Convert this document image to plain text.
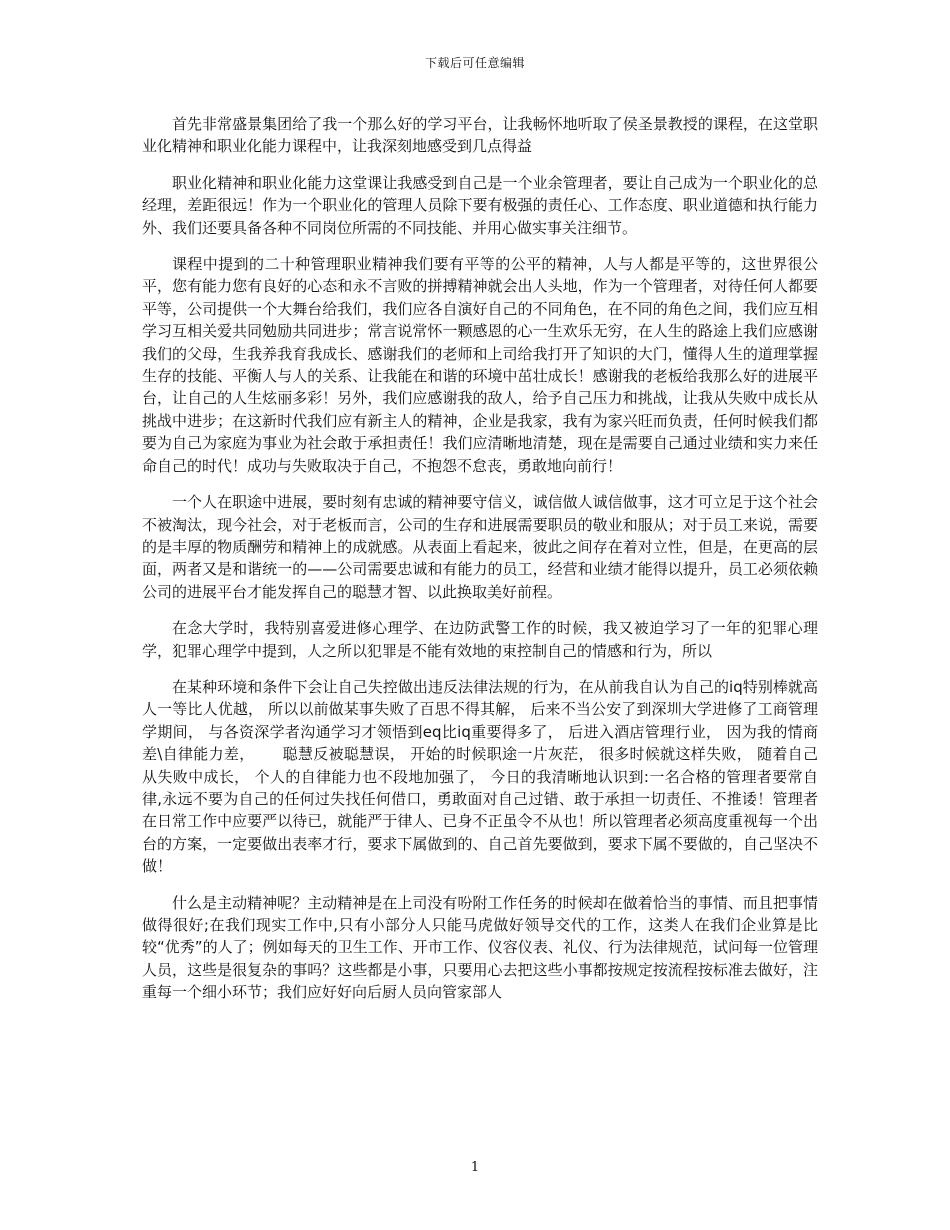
下载后可任意编辑

首先非常盛景集团给了我一个那么好的学习平台，让我畅怀地听取了侯圣景教授的课程，在这堂职业化精神和职业化能力课程中，让我深刻地感受到几点得益

职业化精神和职业化能力这堂课让我感受到自己是一个业余管理者，要让自己成为一个职业化的总经理，差距很远！作为一个职业化的管理人员除下要有极强的责任心、工作态度、职业道德和执行能力外、我们还要具备各种不同岗位所需的不同技能、并用心做实事关注细节。

课程中提到的二十种管理职业精神我们要有平等的公平的精神，人与人都是平等的，这世界很公平，您有能力您有良好的心态和永不言败的拼搏精神就会出人头地，作为一个管理者，对待任何人都要平等，公司提供一个大舞台给我们，我们应各自演好自己的不同角色，在不同的角色之间，我们应互相学习互相关爱共同勉励共同进步；常言说常怀一颗感恩的心一生欢乐无穷，在人生的路途上我们应感谢我们的父母，生我养我育我成长、感谢我们的老师和上司给我打开了知识的大门，懂得人生的道理掌握生存的技能、平衡人与人的关系、让我能在和谐的环境中茁壮成长！感谢我的老板给我那么好的进展平台，让自己的人生炫丽多彩！另外，我们应感谢我的敌人，给予自己压力和挑战，让我从失败中成长从挑战中进步；在这新时代我们应有新主人的精神，企业是我家，我有为家兴旺而负责，任何时候我们都要为自己为家庭为事业为社会敢于承担责任！我们应清晰地清楚，现在是需要自己通过业绩和实力来任命自己的时代！成功与失败取决于自己，不抱怨不怠丧，勇敢地向前行！

一个人在职途中进展，要时刻有忠诚的精神要守信义，诚信做人诚信做事，这才可立足于这个社会不被淘汰，现今社会，对于老板而言，公司的生存和进展需要职员的敬业和服从；对于员工来说，需要的是丰厚的物质酬劳和精神上的成就感。从表面上看起来，彼此之间存在着对立性，但是，在更高的层面，两者又是和谐统一的——公司需要忠诚和有能力的员工，经营和业绩才能得以提升，员工必须依赖公司的进展平台才能发挥自己的聪慧才智、以此换取美好前程。

在念大学时，我特别喜爱进修心理学、在边防武警工作的时候，我又被迫学习了一年的犯罪心理学，犯罪心理学中提到，人之所以犯罪是不能有效地的束控制自己的情感和行为，所以

在某种环境和条件下会让自己失控做出违反法律法规的行为，在从前我自认为自己的iq特别棒就高人一等比人优越， 所以以前做某事失败了百思不得其解， 后来不当公安了到深圳大学进修了工商管理学期间， 与各资深学者沟通学习才领悟到eq比iq重要得多了， 后进入酒店管理行业， 因为我的情商差\自律能力差，　　 聪慧反被聪慧误， 开始的时候职途一片灰茫， 很多时候就这样失败， 随着自己从失败中成长， 个人的自律能力也不段地加强了， 今日的我清晰地认识到:一名合格的管理者要常自律,永远不要为自己的任何过失找任何借口，勇敢面对自己过错、敢于承担一切责任、不推诿！管理者在日常工作中应要严以待已，就能严于律人、已身不正虽令不从也！所以管理者必须高度重视每一个出台的方案，一定要做出表率才行，要求下属做到的、自己首先要做到，要求下属不要做的，自己坚决不做！

什么是主动精神呢？主动精神是在上司没有吩附工作任务的时候却在做着恰当的事情、而且把事情做得很好;在我们现实工作中,只有小部分人只能马虎做好领导交代的工作，这类人在我们企业算是比较“优秀”的人了；例如每天的卫生工作、开市工作、仪容仪表、礼仪、行为法律规范，试问每一位管理人员，这些是很复杂的事吗？这些都是小事，只要用心去把这些小事都按规定按流程按标准去做好，注重每一个细小环节；我们应好好向后厨人员向管家部人

1
